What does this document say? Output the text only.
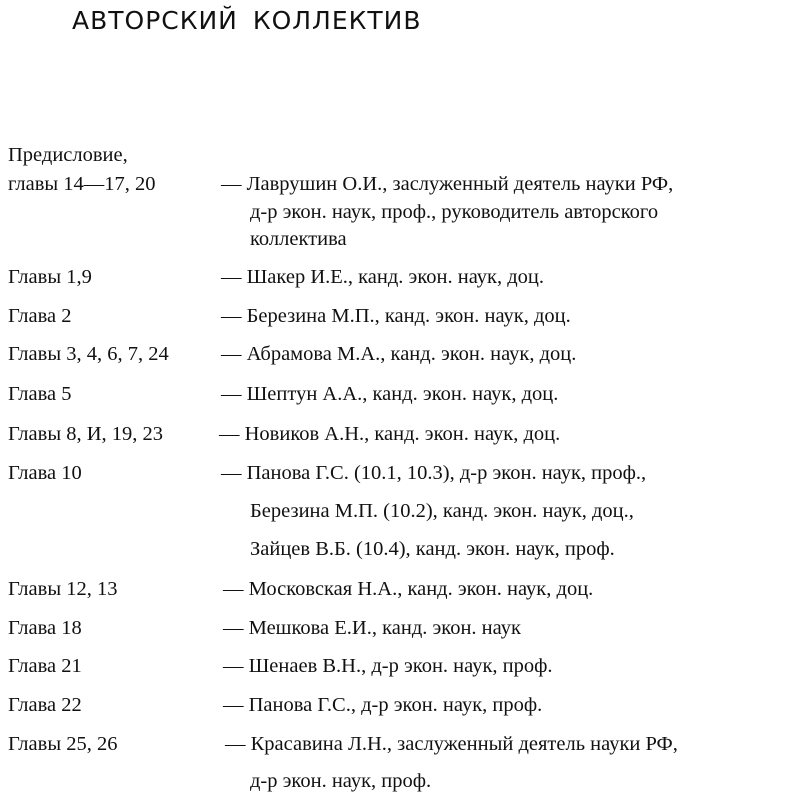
АВТОРСКИЙ КОЛЛЕКТИВ
Предисловие,
главы 14—17, 20	— Лаврушин О.И., заслуженный деятель науки РФ,
д-р экон. наук, проф., руководитель авторского
коллектива
Главы 1,9	— Шакер И.Е., канд. экон. наук, доц.
Глава 2	— Березина М.П., канд. экон. наук, доц.
Главы 3, 4, 6, 7, 24	— Абрамова М.А., канд. экон. наук, доц.
Глава 5	— Шептун А.А., канд. экон. наук, доц.
Главы 8, И, 19, 23	— Новиков А.Н., канд. экон. наук, доц.
Глава 10	— Панова Г.С. (10.1, 10.3), д-р экон. наук, проф.,
Березина М.П. (10.2), канд. экон. наук, доц.,
Зайцев В.Б. (10.4), канд. экон. наук, проф.
Главы 12, 13	— Московская Н.А., канд. экон. наук, доц.
Глава 18	— Мешкова Е.И., канд. экон. наук
Глава 21	— Шенаев В.Н., д-р экон. наук, проф.
Глава 22	— Панова Г.С., д-р экон. наук, проф.
Главы 25, 26	— Красавина Л.Н., заслуженный деятель науки РФ,
д-р экон. наук, проф.
